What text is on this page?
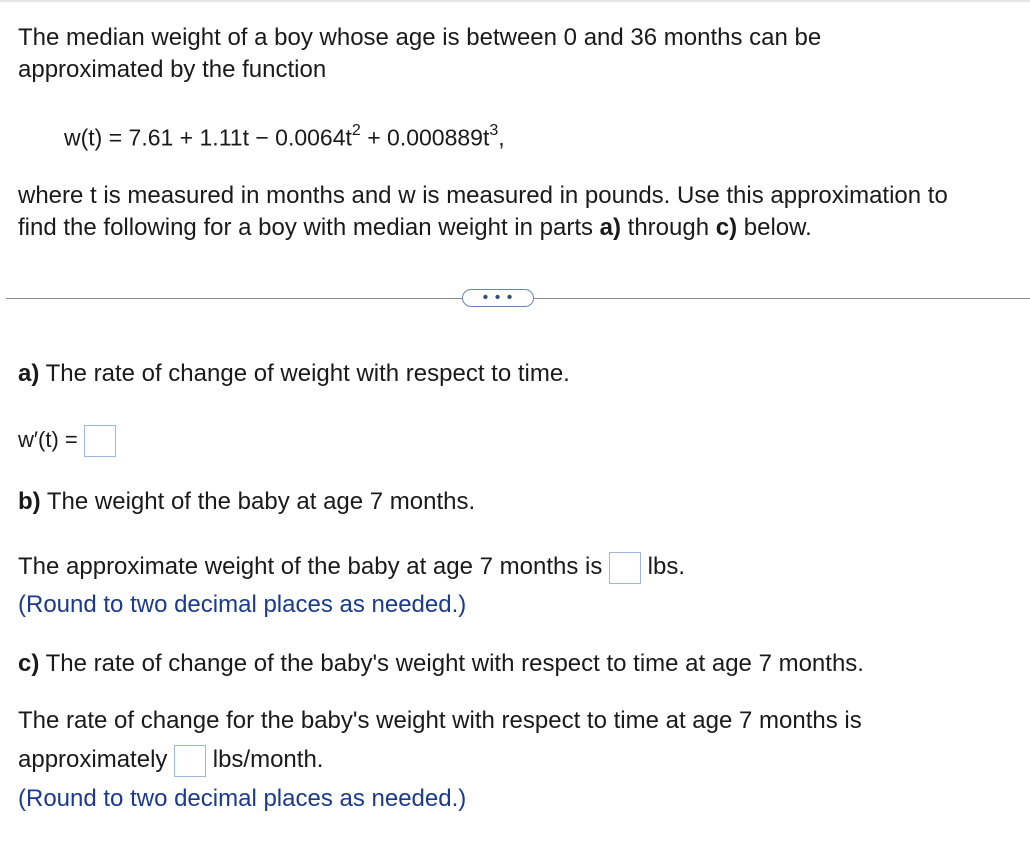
The median weight of a boy whose age is between 0 and 36 months can be
approximated by the function
$w(t) = 7.61 + 1.11t - 0.0064t^2 + 0.000889t^3$,
where t is measured in months and w is measured in pounds. Use this approximation to
find the following for a boy with median weight in parts a) through c) below.
• • •
a) The rate of change of weight with respect to time.
w′(t) =
b) The weight of the baby at age 7 months.
The approximate weight of the baby at age 7 months is  lbs.
(Round to two decimal places as needed.)
c) The rate of change of the baby's weight with respect to time at age 7 months.
The rate of change for the baby's weight with respect to time at age 7 months is
approximately  lbs/month.
(Round to two decimal places as needed.)
